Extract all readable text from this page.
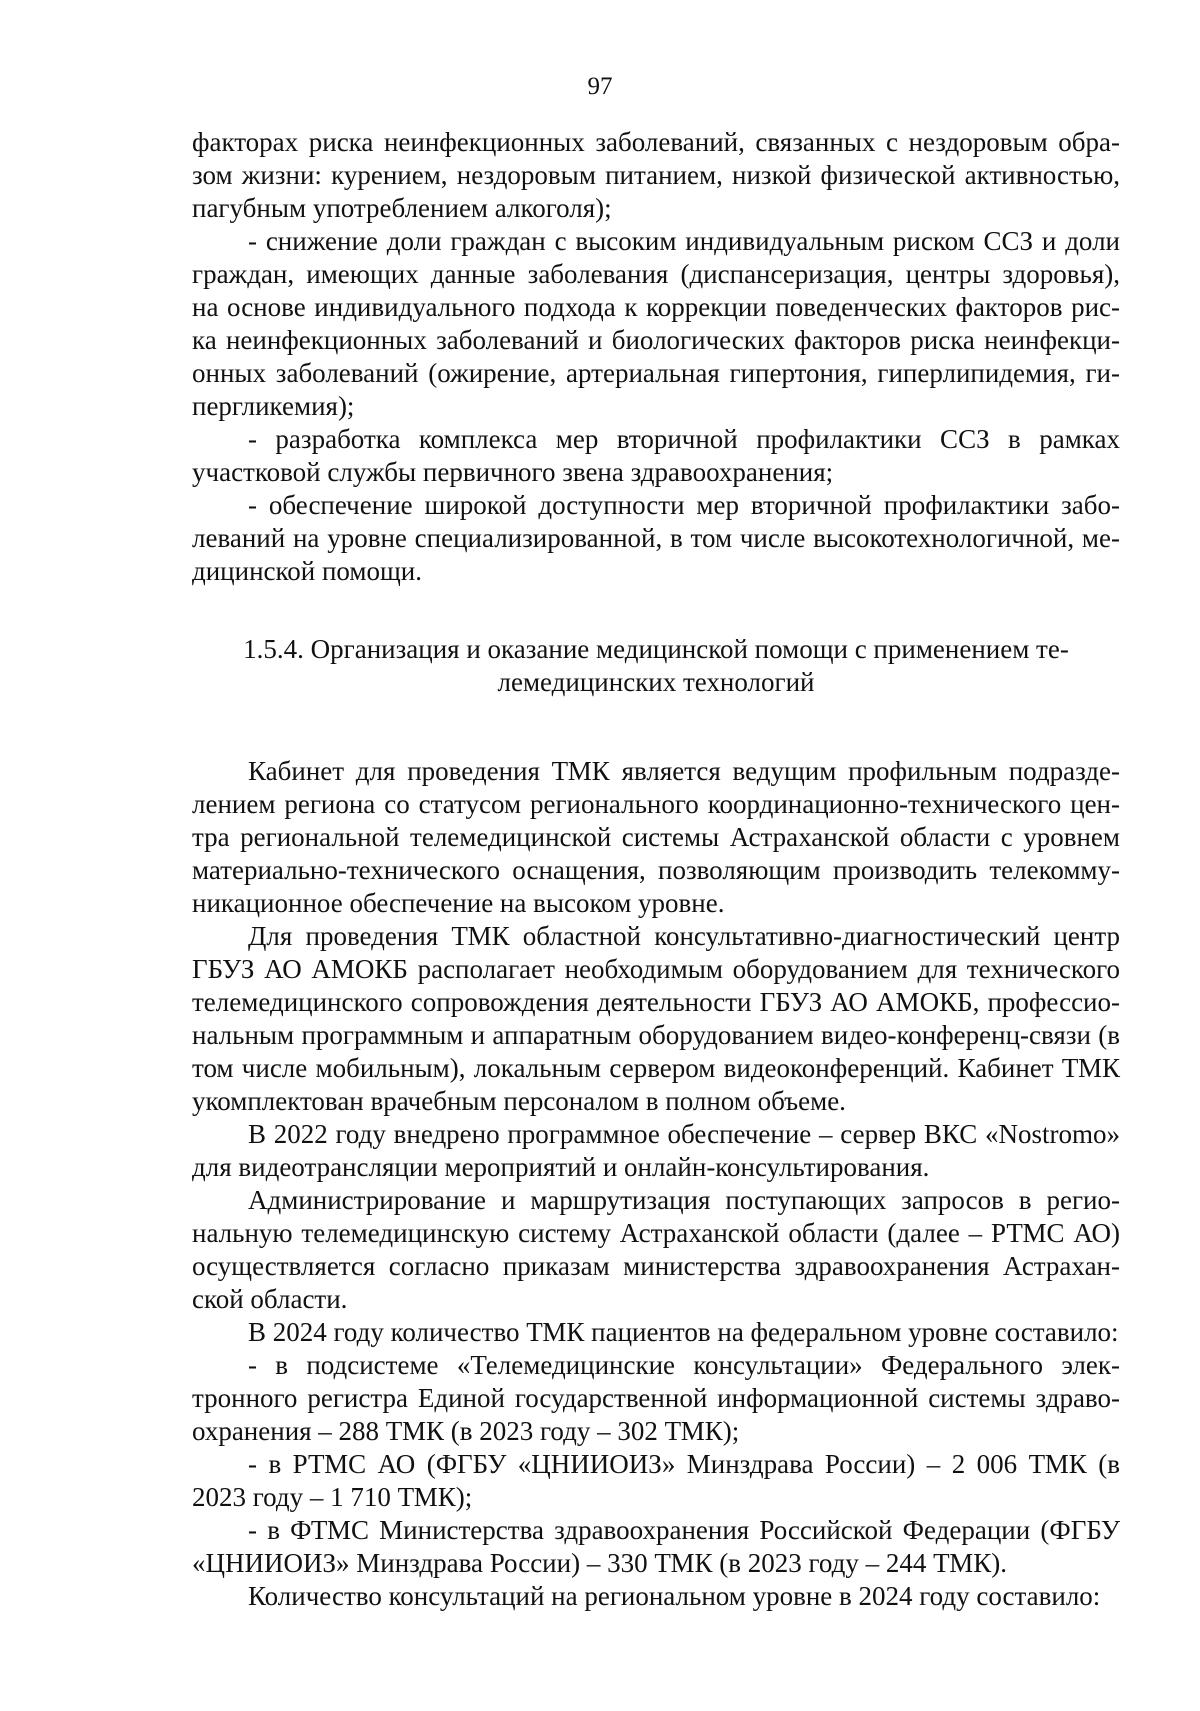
97

факторах риска неинфекционных заболеваний, связанных с нездоровым образом жизни: курением, нездоровым питанием, низкой физической активностью, пагубным употреблением алкоголя);

- снижение доли граждан с высоким индивидуальным риском ССЗ и доли граждан, имеющих данные заболевания (диспансеризация, центры здоровья), на основе индивидуального подхода к коррекции поведенческих факторов риска неинфекционных заболеваний и биологических факторов риска неинфекционных заболеваний (ожирение, артериальная гипертония, гиперлипидемия, гипергликемия);

- разработка комплекса мер вторичной профилактики ССЗ в рамках участковой службы первичного звена здравоохранения;

- обеспечение широкой доступности мер вторичной профилактики заболеваний на уровне специализированной, в том числе высокотехнологичной, медицинской помощи.

1.5.4. Организация и оказание медицинской помощи с применением те-
лемедицинских технологий

Кабинет для проведения ТМК является ведущим профильным подразделением региона со статусом регионального координационно-технического центра региональной телемедицинской системы Астраханской области с уровнем материально-технического оснащения, позволяющим производить телекоммуникационное обеспечение на высоком уровне.

Для проведения ТМК областной консультативно-диагностический центр ГБУЗ АО АМОКБ располагает необходимым оборудованием для технического телемедицинского сопровождения деятельности ГБУЗ АО АМОКБ, профессиональным программным и аппаратным оборудованием видео-конференц-связи (в том числе мобильным), локальным сервером видеоконференций. Кабинет ТМК укомплектован врачебным персоналом в полном объеме.

В 2022 году внедрено программное обеспечение – сервер ВКС «Nostromo» для видеотрансляции мероприятий и онлайн-консультирования.

Администрирование и маршрутизация поступающих запросов в региональную телемедицинскую систему Астраханской области (далее – РТМС АО) осуществляется согласно приказам министерства здравоохранения Астраханской области.

В 2024 году количество ТМК пациентов на федеральном уровне составило:

- в подсистеме «Телемедицинские консультации» Федерального электронного регистра Единой государственной информационной системы здравоохранения – 288 ТМК (в 2023 году – 302 ТМК);

- в РТМС АО (ФГБУ «ЦНИИОИЗ» Минздрава России) – 2 006 ТМК (в 2023 году – 1 710 ТМК);

- в ФТМС Министерства здравоохранения Российской Федерации (ФГБУ «ЦНИИОИЗ» Минздрава России) – 330 ТМК (в 2023 году – 244 ТМК).

Количество консультаций на региональном уровне в 2024 году составило:
